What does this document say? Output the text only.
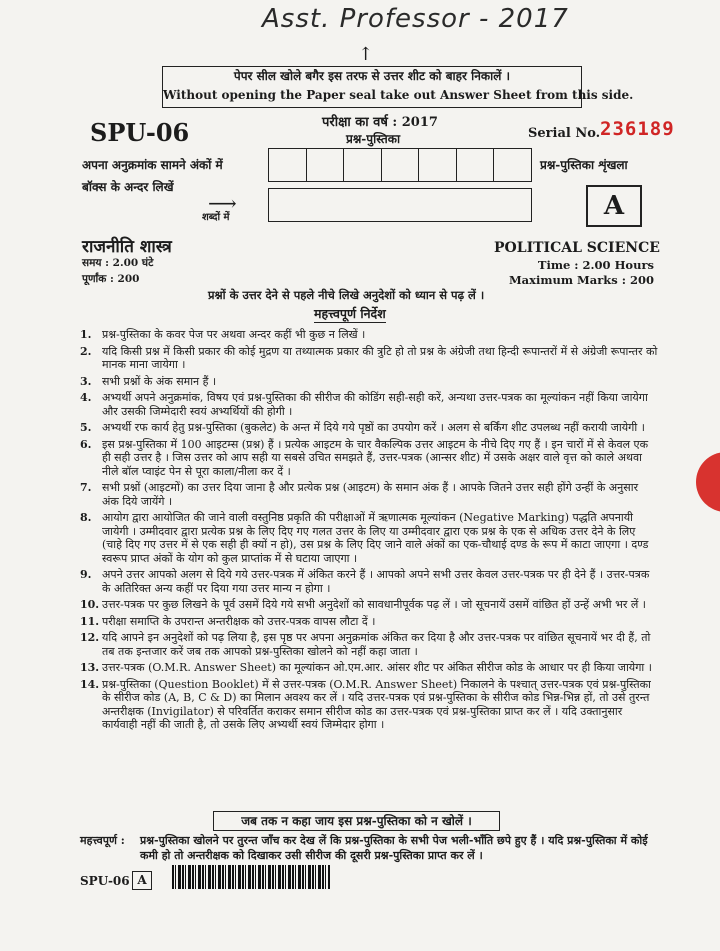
Asst. Professor - 2017
↑
पेपर सील खोले बगैर इस तरफ से उत्तर शीट को बाहर निकालें ।
Without opening the Paper seal take out Answer Sheet from this side.
SPU-06	परीक्षा का वर्ष : 2017
प्रश्न-पुस्तिका	Serial No. 236189
अपना अनुक्रमांक सामने अंकों में
बॉक्स के अन्दर लिखें
शब्दों में
⟶
प्रश्न-पुस्तिका शृंखला
A
राजनीति शास्त्र	POLITICAL SCIENCE
समय : 2.00 घंटे
पूर्णांक : 200
Time : 2.00 Hours
Maximum Marks : 200
प्रश्नों के उत्तर देने से पहले नीचे लिखे अनुदेशों को ध्यान से पढ़ लें ।
महत्त्वपूर्ण निर्देश
1. प्रश्न-पुस्तिका के कवर पेज पर अथवा अन्दर कहीं भी कुछ न लिखें ।
2. यदि किसी प्रश्न में किसी प्रकार की कोई मुद्रण या तथ्यात्मक प्रकार की त्रुटि हो तो प्रश्न के अंग्रेजी तथा हिन्दी रूपान्तरों में से अंग्रेजी रूपान्तर को मानक माना जायेगा ।
3. सभी प्रश्नों के अंक समान हैं ।
4. अभ्यर्थी अपने अनुक्रमांक, विषय एवं प्रश्न-पुस्तिका की सीरीज की कोडिंग सही-सही करें, अन्यथा उत्तर-पत्रक का मूल्यांकन नहीं किया जायेगा और उसकी जिम्मेदारी स्वयं अभ्यर्थियों की होगी ।
5. अभ्यर्थी रफ कार्य हेतु प्रश्न-पुस्तिका (बुकलेट) के अन्त में दिये गये पृष्ठों का उपयोग करें । अलग से बर्किंग शीट उपलब्ध नहीं करायी जायेगी ।
6. इस प्रश्न-पुस्तिका में 100 आइटम्स (प्रश्न) हैं । प्रत्येक आइटम के चार वैकल्पिक उत्तर आइटम के नीचे दिए गए हैं । इन चारों में से केवल एक ही सही उत्तर है । जिस उत्तर को आप सही या सबसे उचित समझते हैं, उत्तर-पत्रक (आन्सर शीट) में उसके अक्षर वाले वृत्त को काले अथवा नीले बॉल प्वाइंट पेन से पूरा काला/नीला कर दें ।
7. सभी प्रश्नों (आइटमों) का उत्तर दिया जाना है और प्रत्येक प्रश्न (आइटम) के समान अंक हैं । आपके जितने उत्तर सही होंगे उन्हीं के अनुसार अंक दिये जायेंगे ।
8. आयोग द्वारा आयोजित की जाने वाली वस्तुनिष्ठ प्रकृति की परीक्षाओं में ऋणात्मक मूल्यांकन (Negative Marking) पद्धति अपनायी जायेगी । उम्मीदवार द्वारा प्रत्येक प्रश्न के लिए दिए गए गलत उत्तर के लिए या उम्मीदवार द्वारा एक प्रश्न के एक से अधिक उत्तर देने के लिए (चाहे दिए गए उत्तर में से एक सही ही क्यों न हो), उस प्रश्न के लिए दिए जाने वाले अंकों का एक-चौथाई दण्ड के रूप में काटा जाएगा । दण्ड स्वरूप प्राप्त अंकों के योग को कुल प्राप्तांक में से घटाया जाएगा ।
9. अपने उत्तर आपको अलग से दिये गये उत्तर-पत्रक में अंकित करने हैं । आपको अपने सभी उत्तर केवल उत्तर-पत्रक पर ही देने हैं । उत्तर-पत्रक के अतिरिक्त अन्य कहीं पर दिया गया उत्तर मान्य न होगा ।
10. उत्तर-पत्रक पर कुछ लिखने के पूर्व उसमें दिये गये सभी अनुदेशों को सावधानीपूर्वक पढ़ लें । जो सूचनायें उसमें वांछित हों उन्हें अभी भर लें ।
11. परीक्षा समाप्ति के उपरान्त अन्तरीक्षक को उत्तर-पत्रक वापस लौटा दें ।
12. यदि आपने इन अनुदेशों को पढ़ लिया है, इस पृष्ठ पर अपना अनुक्रमांक अंकित कर दिया है और उत्तर-पत्रक पर वांछित सूचनायें भर दी हैं, तो तब तक इन्तजार करें जब तक आपको प्रश्न-पुस्तिका खोलने को नहीं कहा जाता ।
13. उत्तर-पत्रक (O.M.R. Answer Sheet) का मूल्यांकन ओ.एम.आर. आंसर शीट पर अंकित सीरीज कोड के आधार पर ही किया जायेगा ।
14. प्रश्न-पुस्तिका (Question Booklet) में से उत्तर-पत्रक (O.M.R. Answer Sheet) निकालने के पश्चात् उत्तर-पत्रक एवं प्रश्न-पुस्तिका के सीरीज कोड (A, B, C & D) का मिलान अवश्य कर लें । यदि उत्तर-पत्रक एवं प्रश्न-पुस्तिका के सीरीज कोड भिन्न-भिन्न हों, तो उसे तुरन्त अन्तरीक्षक (Invigilator) से परिवर्तित कराकर समान सीरीज कोड का उत्तर-पत्रक एवं प्रश्न-पुस्तिका प्राप्त कर लें । यदि उक्तानुसार कार्यवाही नहीं की जाती है, तो उसके लिए अभ्यर्थी स्वयं जिम्मेदार होगा ।
जब तक न कहा जाय इस प्रश्न-पुस्तिका को न खोलें ।
महत्त्वपूर्ण : प्रश्न-पुस्तिका खोलने पर तुरन्त जाँच कर देख लें कि प्रश्न-पुस्तिका के सभी पेज भली-भाँति छपे हुए हैं । यदि प्रश्न-पुस्तिका में कोई कमी हो तो अन्तरीक्षक को दिखाकर उसी सीरीज की दूसरी प्रश्न-पुस्तिका प्राप्त कर लें ।
SPU-06 A
